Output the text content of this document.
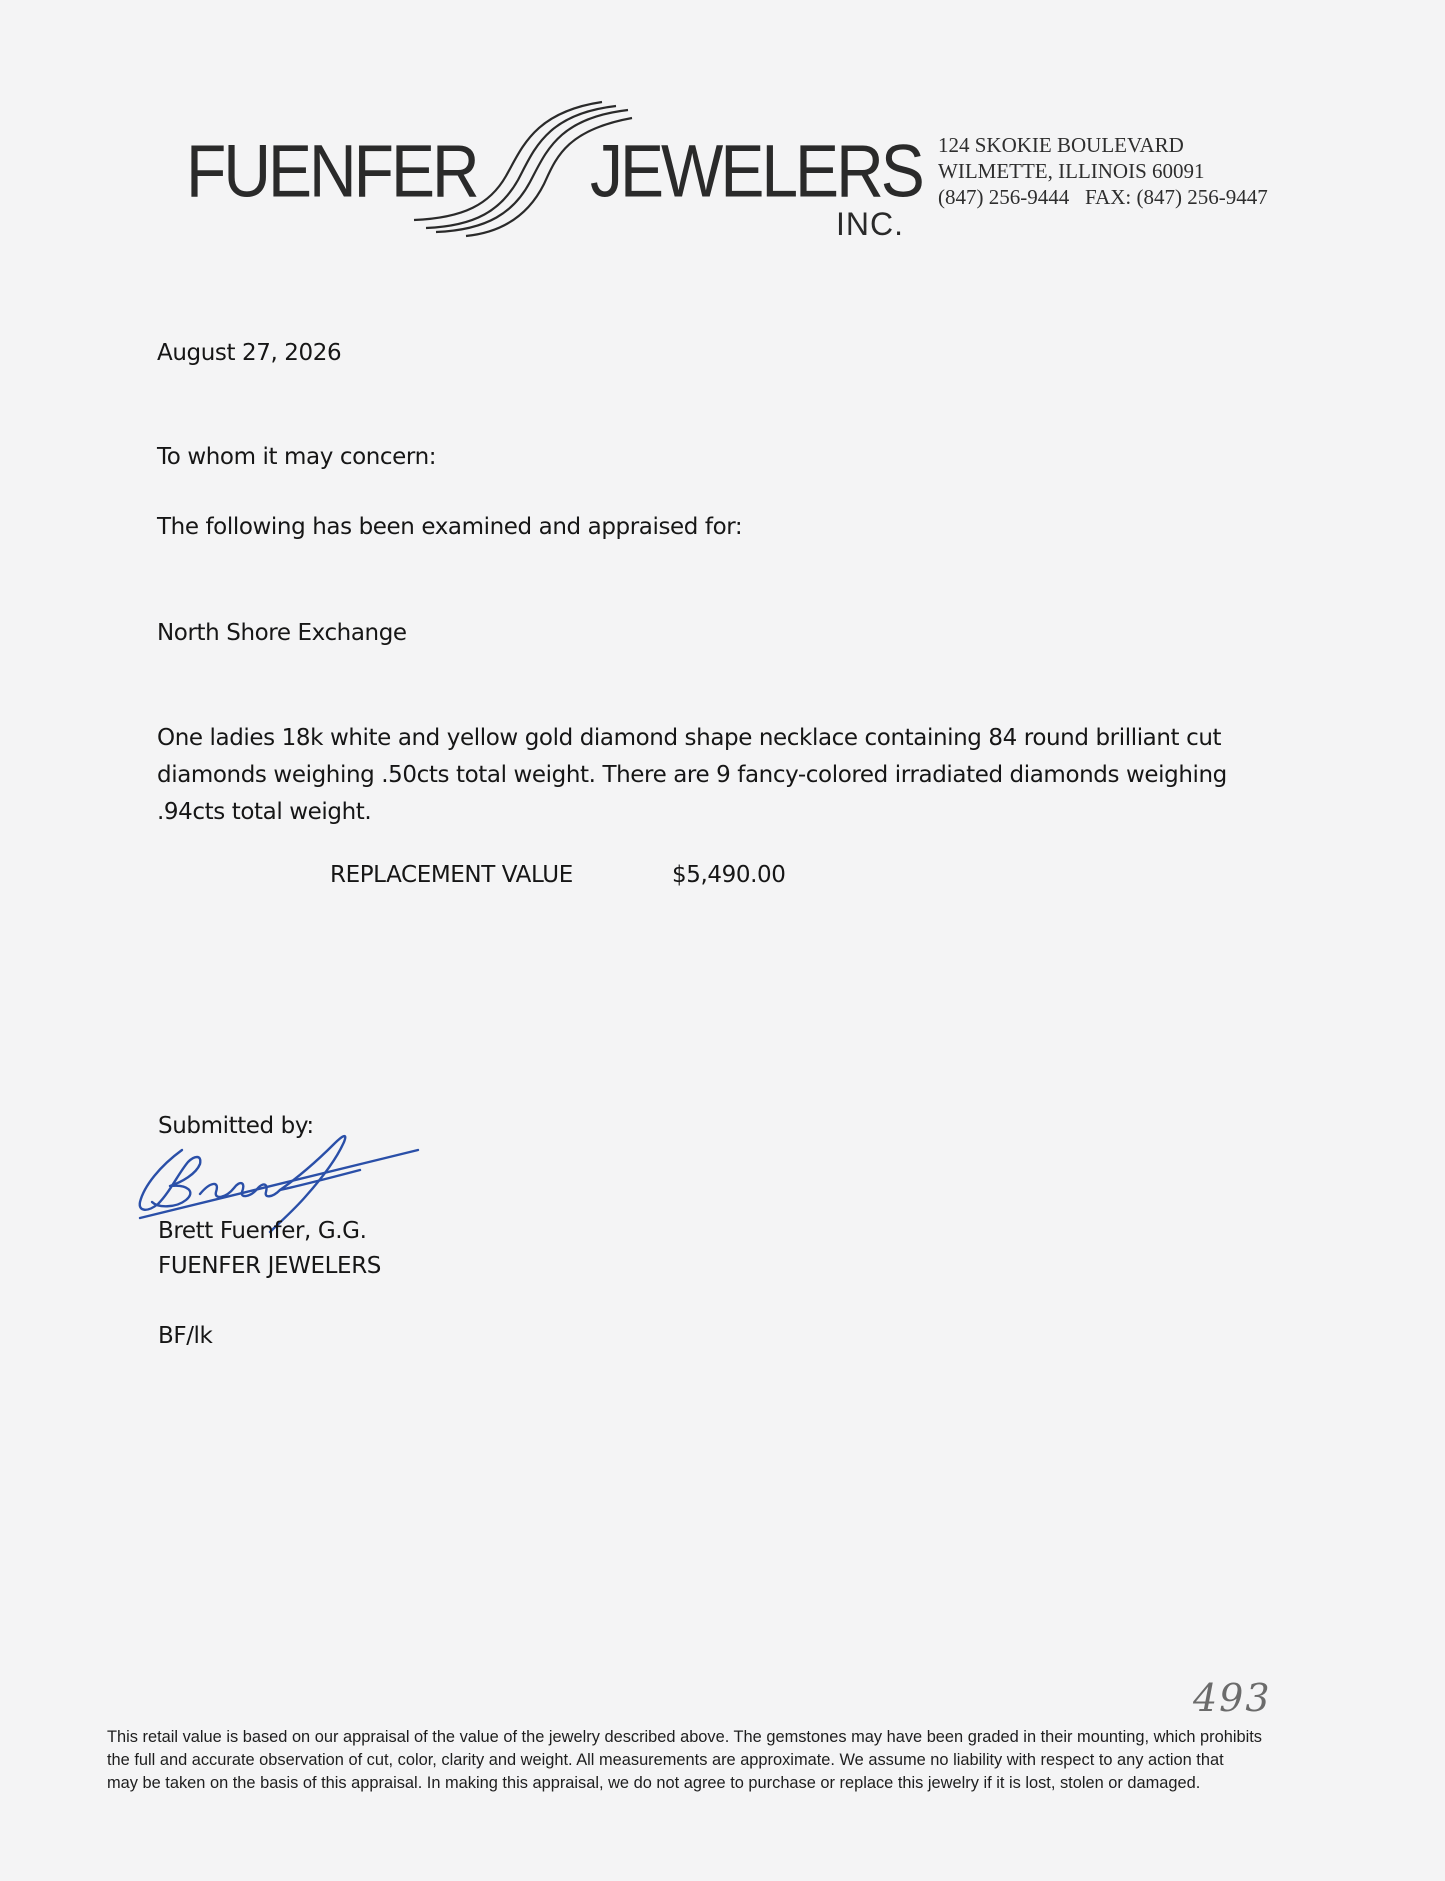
FUENFER JEWELERS
INC.
124 SKOKIE BOULEVARD
WILMETTE, ILLINOIS 60091
(847) 256-9444   FAX: (847) 256-9447
August 27, 2026
To whom it may concern:
The following has been examined and appraised for:
North Shore Exchange
One ladies 18k white and yellow gold diamond shape necklace containing 84 round brilliant cut
diamonds weighing .50cts total weight. There are 9 fancy-colored irradiated diamonds weighing
.94cts total weight.
REPLACEMENT VALUE	$5,490.00
Submitted by:
Brett Fuenfer, G.G.
FUENFER JEWELERS
BF/lk
493
This retail value is based on our appraisal of the value of the jewelry described above. The gemstones may have been graded in their mounting, which prohibits
the full and accurate observation of cut, color, clarity and weight. All measurements are approximate. We assume no liability with respect to any action that
may be taken on the basis of this appraisal. In making this appraisal, we do not agree to purchase or replace this jewelry if it is lost, stolen or damaged.
